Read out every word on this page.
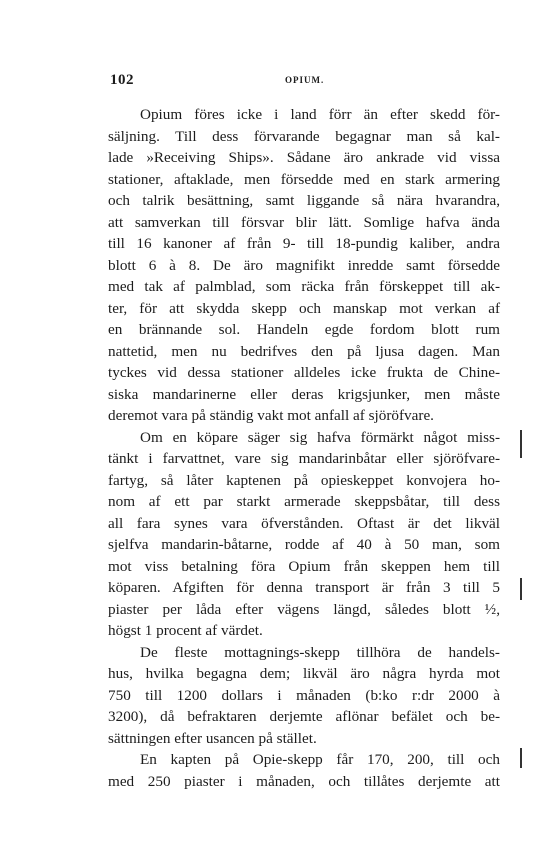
102	OPIUM.
Opium föres icke i land förr än efter skedd för-
säljning. Till dess förvarande begagnar man så kal-
lade »Receiving Ships». Sådane äro ankrade vid vissa
stationer, aftaklade, men försedde med en stark armering
och talrik besättning, samt liggande så nära hvarandra,
att samverkan till försvar blir lätt. Somlige hafva ända
till 16 kanoner af från 9- till 18-pundig kaliber, andra
blott 6 à 8. De äro magnifikt inredde samt försedde
med tak af palmblad, som räcka från förskeppet till ak-
ter, för att skydda skepp och manskap mot verkan af
en brännande sol. Handeln egde fordom blott rum
nattetid, men nu bedrifves den på ljusa dagen. Man
tyckes vid dessa stationer alldeles icke frukta de Chine-
siska mandarinerne eller deras krigsjunker, men måste
deremot vara på ständig vakt mot anfall af sjöröfvare.
Om en köpare säger sig hafva förmärkt något miss-
tänkt i farvattnet, vare sig mandarinbåtar eller sjöröfvare-
fartyg, så låter kaptenen på opieskeppet konvojera ho-
nom af ett par starkt armerade skeppsbåtar, till dess
all fara synes vara öfverstånden. Oftast är det likväl
sjelfva mandarin-båtarne, rodde af 40 à 50 man, som
mot viss betalning föra Opium från skeppen hem till
köparen. Afgiften för denna transport är från 3 till 5
piaster per låda efter vägens längd, således blott ½,
högst 1 procent af värdet.
De fleste mottagnings-skepp tillhöra de handels-
hus, hvilka begagna dem; likväl äro några hyrda mot
750 till 1200 dollars i månaden (b:ko r:dr 2000 à
3200), då befraktaren derjemte aflönar befälet och be-
sättningen efter usancen på stället.
En kapten på Opie-skepp får 170, 200, till och
med 250 piaster i månaden, och tillåtes derjemte att
